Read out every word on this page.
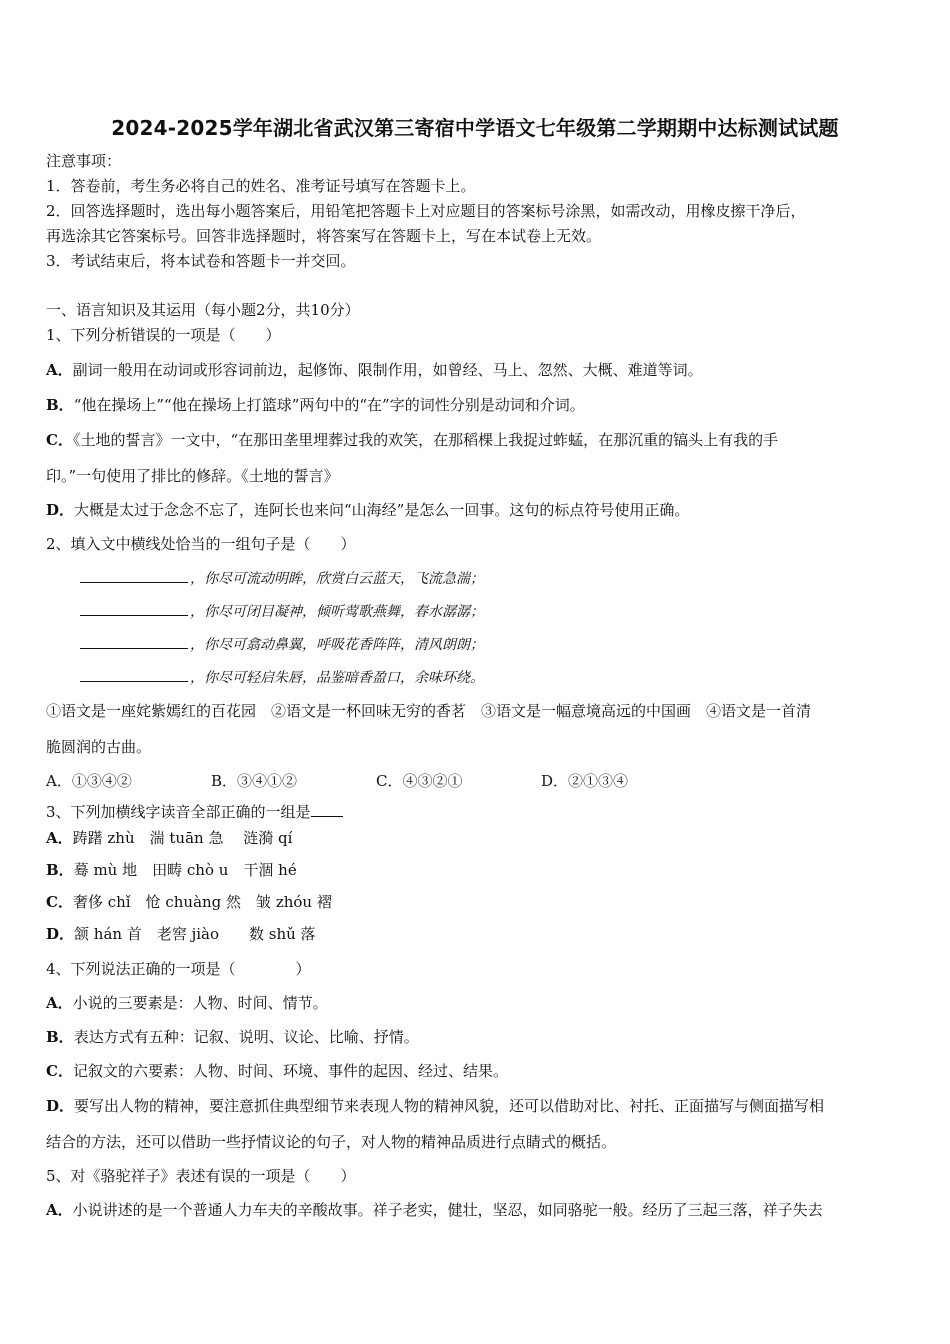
2024-2025学年湖北省武汉第三寄宿中学语文七年级第二学期期中达标测试试题
注意事项：
1．答卷前，考生务必将自己的姓名、准考证号填写在答题卡上。
2．回答选择题时，选出每小题答案后，用铅笔把答题卡上对应题目的答案标号涂黑，如需改动，用橡皮擦干净后，
再选涂其它答案标号。回答非选择题时，将答案写在答题卡上，写在本试卷上无效。
3．考试结束后，将本试卷和答题卡一并交回。
一、语言知识及其运用（每小题2分，共10分）
1、下列分析错误的一项是（　　）
A．副词一般用在动词或形容词前边，起修饰、限制作用，如曾经、马上、忽然、大概、难道等词。
B．“他在操场上”“他在操场上打篮球”两句中的“在”字的词性分别是动词和介词。
C．《土地的誓言》一文中，“在那田垄里埋葬过我的欢笑，在那稻棵上我捉过蚱蜢，在那沉重的镐头上有我的手
印。”一句使用了排比的修辞。《土地的誓言》
D．大概是太过于念念不忘了，连阿长也来问“山海经”是怎么一回事。这句的标点符号使用正确。
2、填入文中横线处恰当的一组句子是（　　）
，你尽可流动明眸，欣赏白云蓝天，飞流急湍；
，你尽可闭目凝神，倾听莺歌燕舞，春水潺潺；
，你尽可翕动鼻翼，呼吸花香阵阵，清风朗朗；
，你尽可轻启朱唇，品鉴暗香盈口，余味环绕。
①语文是一座姹紫嫣红的百花园　②语文是一杯回味无穷的香茗　③语文是一幅意境高远的中国画　④语文是一首清
脆圆润的古曲。
A．①③④②	B．③④①②	C．④③②①	D．②①③④
3、下列加横线字读音全部正确的一组是
A．踌躇 zhù　湍 tuān 急　 涟漪 qí
B．蓦 mù 地　田畴 chò u　干涸 hé
C．奢侈 chǐ　怆 chuàng 然　皱 zhóu 褶
D．颔 hán 首　老窖 jiào　　数 shǔ 落
4、下列说法正确的一项是（　　　　）
A．小说的三要素是：人物、时间、情节。
B．表达方式有五种：记叙、说明、议论、比喻、抒情。
C．记叙文的六要素：人物、时间、环境、事件的起因、经过、结果。
D．要写出人物的精神，要注意抓住典型细节来表现人物的精神风貌，还可以借助对比、衬托、正面描写与侧面描写相
结合的方法，还可以借助一些抒情议论的句子，对人物的精神品质进行点睛式的概括。
5、对《骆驼祥子》表述有误的一项是（　　）
A．小说讲述的是一个普通人力车夫的辛酸故事。祥子老实，健壮，坚忍，如同骆驼一般。经历了三起三落，祥子失去
